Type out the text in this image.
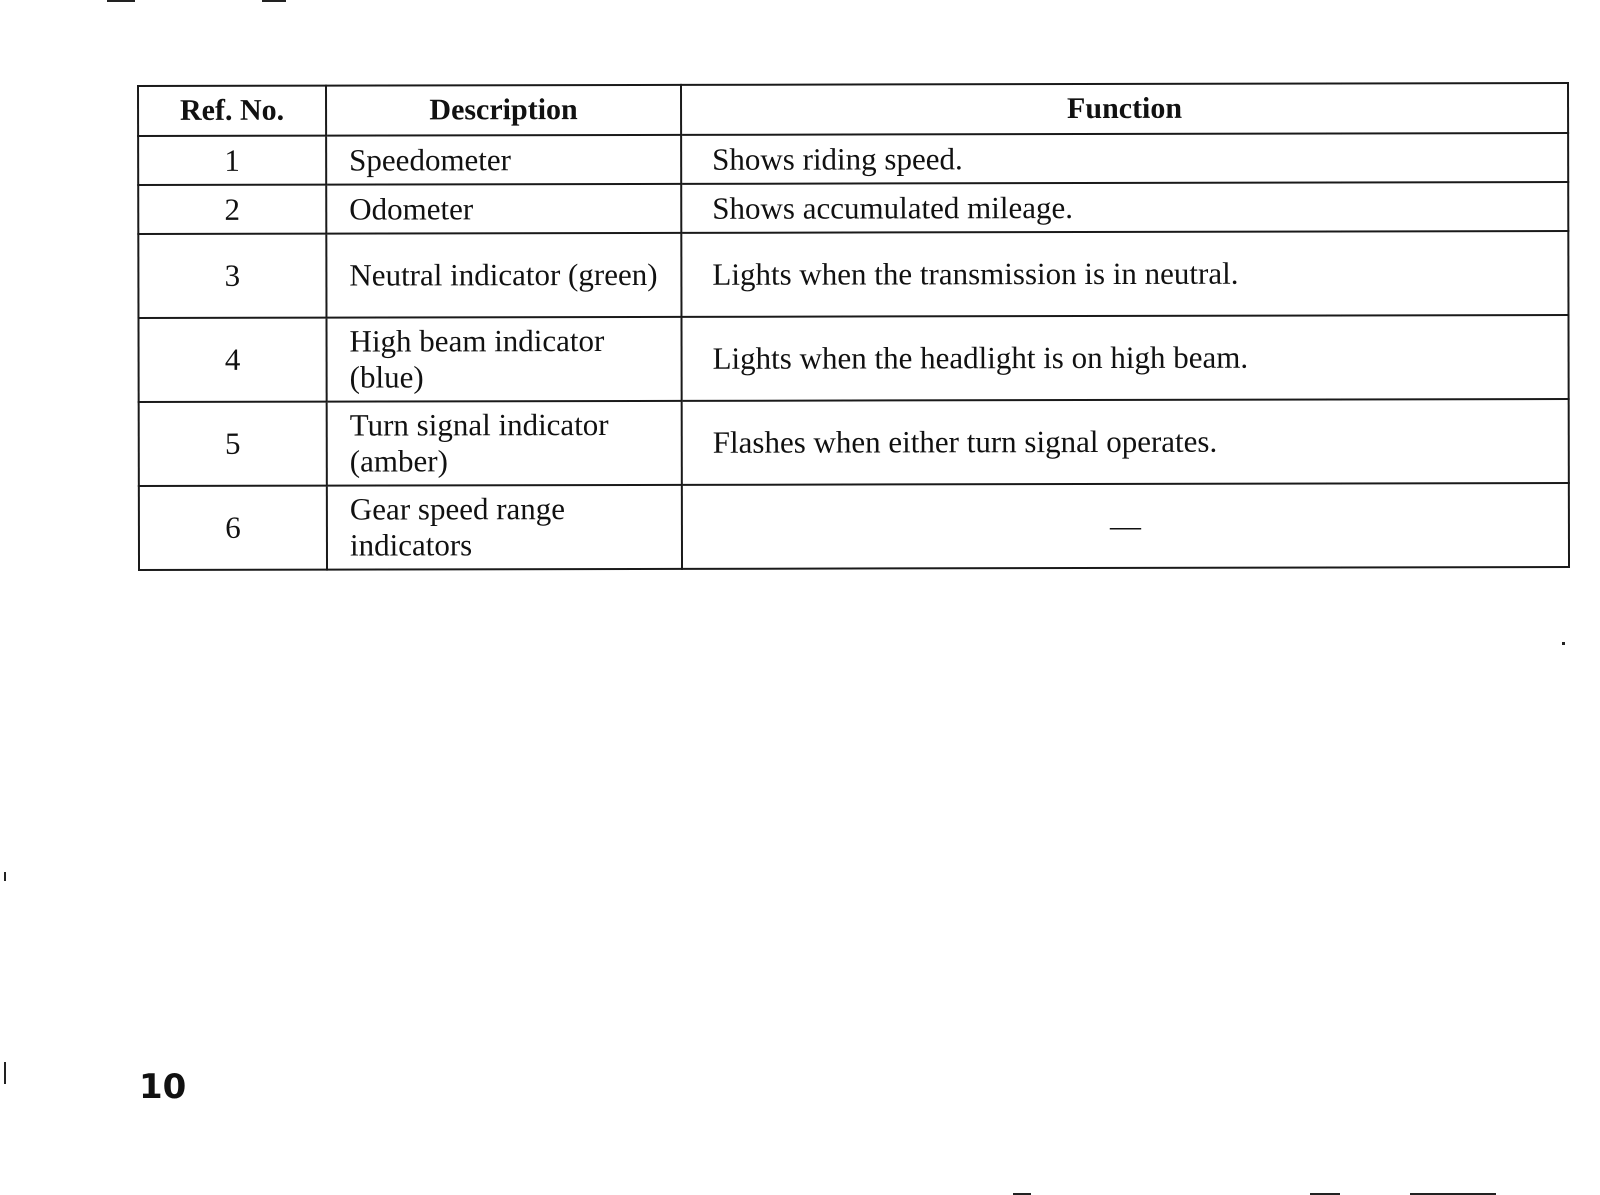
Ref. No.	Description	Function
1	Speedometer	Shows riding speed.
2	Odometer	Shows accumulated mileage.
3	Neutral indicator (green)	Lights when the transmission is in neutral.
4	High beam indicator (blue)	Lights when the headlight is on high beam.
5	Turn signal indicator (amber)	Flashes when either turn signal operates.
6	Gear speed range indicators	—
10
